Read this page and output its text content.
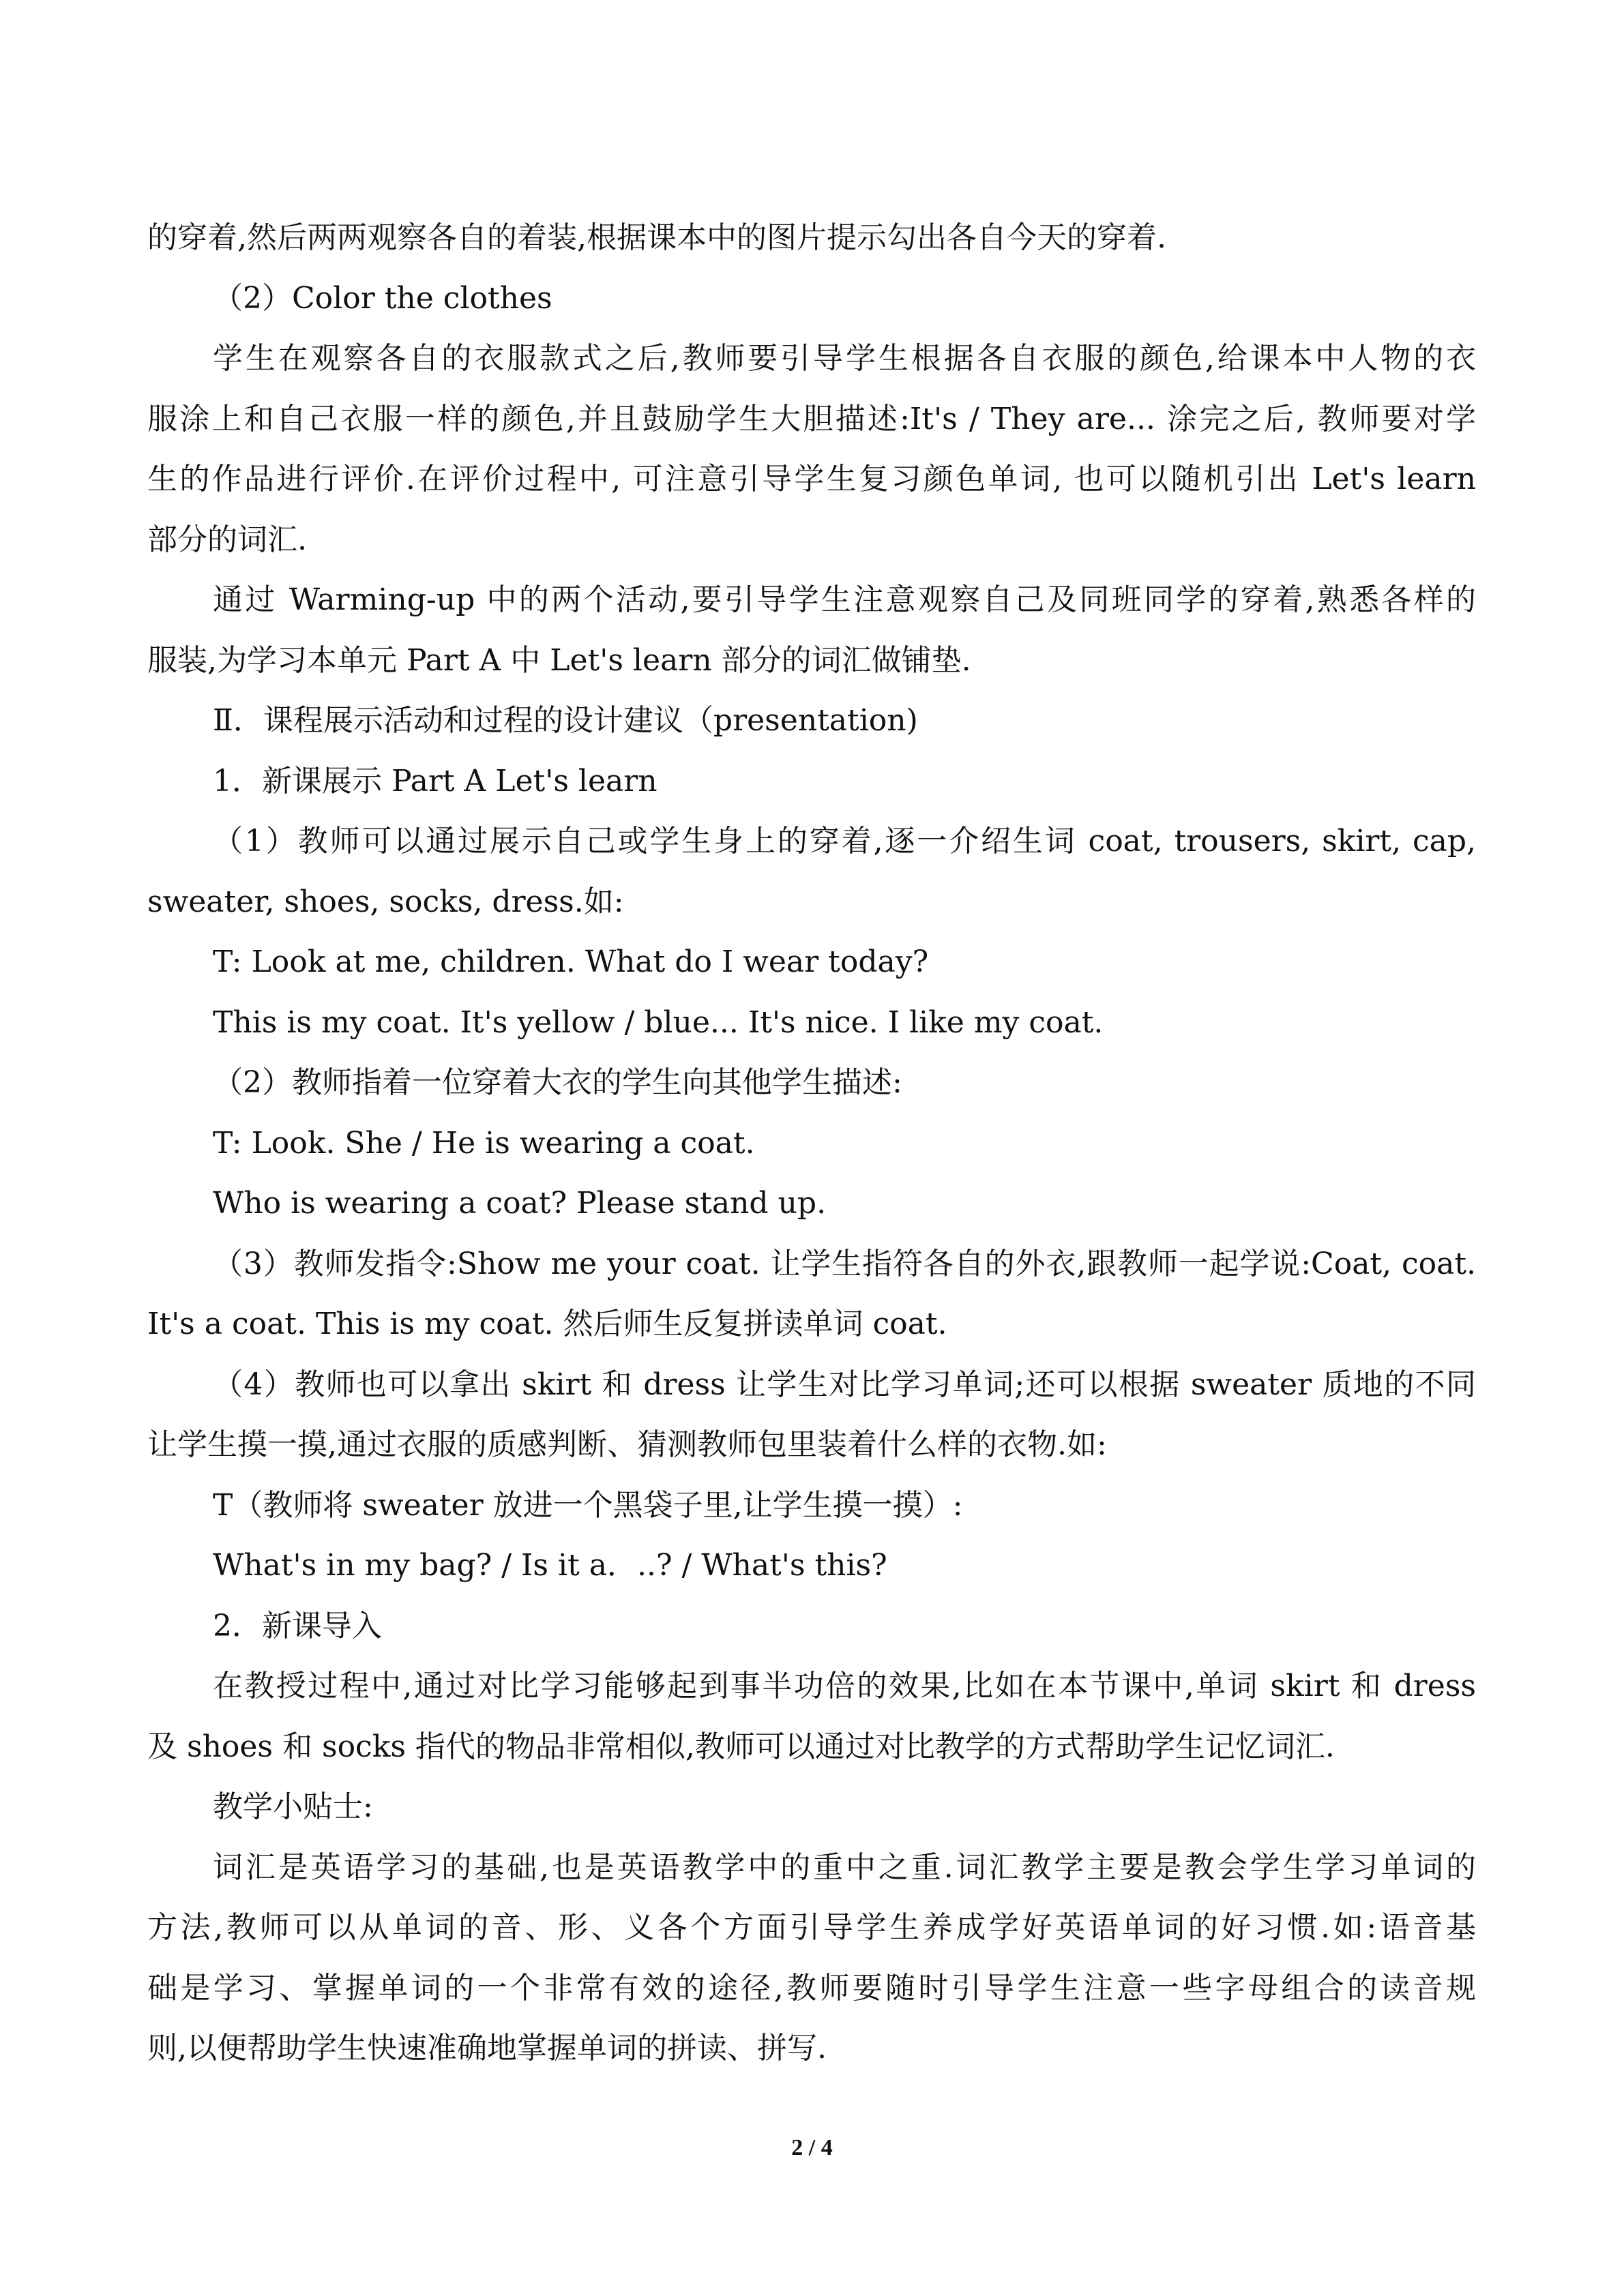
的穿着,然后两两观察各自的着装,根据课本中的图片提示勾出各自今天的穿着.
（2）Color the clothes
学生在观察各自的衣服款式之后,教师要引导学生根据各自衣服的颜色,给课本中人物的衣
服涂上和自己衣服一样的颜色,并且鼓励学生大胆描述:It's / They are... 涂完之后, 教师要对学
生的作品进行评价.在评价过程中, 可注意引导学生复习颜色单词, 也可以随机引出 Let's learn
部分的词汇.
通过 Warming-up 中的两个活动,要引导学生注意观察自己及同班同学的穿着,熟悉各样的
服装,为学习本单元 Part A 中 Let's learn 部分的词汇做铺垫.
Ⅱ．课程展示活动和过程的设计建议（presentation)
1．新课展示 Part A Let's learn
（1）教师可以通过展示自己或学生身上的穿着,逐一介绍生词 coat, trousers, skirt, cap,
sweater, shoes, socks, dress.如:
T: Look at me, children. What do I wear today?
This is my coat. It's yellow / blue... It's nice. I like my coat.
（2）教师指着一位穿着大衣的学生向其他学生描述:
T: Look. She / He is wearing a coat.
Who is wearing a coat? Please stand up.
（3）教师发指令:Show me your coat. 让学生指符各自的外衣,跟教师一起学说:Coat, coat.
It's a coat. This is my coat. 然后师生反复拼读单词 coat.
（4）教师也可以拿出 skirt 和 dress 让学生对比学习单词;还可以根据 sweater 质地的不同
让学生摸一摸,通过衣服的质感判断、猜测教师包里装着什么样的衣物.如:
T（教师将 sweater 放进一个黑袋子里,让学生摸一摸）:
What's in my bag? / Is it a．..? / What's this?
2．新课导入
在教授过程中,通过对比学习能够起到事半功倍的效果,比如在本节课中,单词 skirt 和 dress
及 shoes 和 socks 指代的物品非常相似,教师可以通过对比教学的方式帮助学生记忆词汇.
教学小贴士:
词汇是英语学习的基础,也是英语教学中的重中之重.词汇教学主要是教会学生学习单词的
方法,教师可以从单词的音、形、义各个方面引导学生养成学好英语单词的好习惯.如:语音基
础是学习、掌握单词的一个非常有效的途径,教师要随时引导学生注意一些字母组合的读音规
则,以便帮助学生快速准确地掌握单词的拼读、拼写.
2 / 4
